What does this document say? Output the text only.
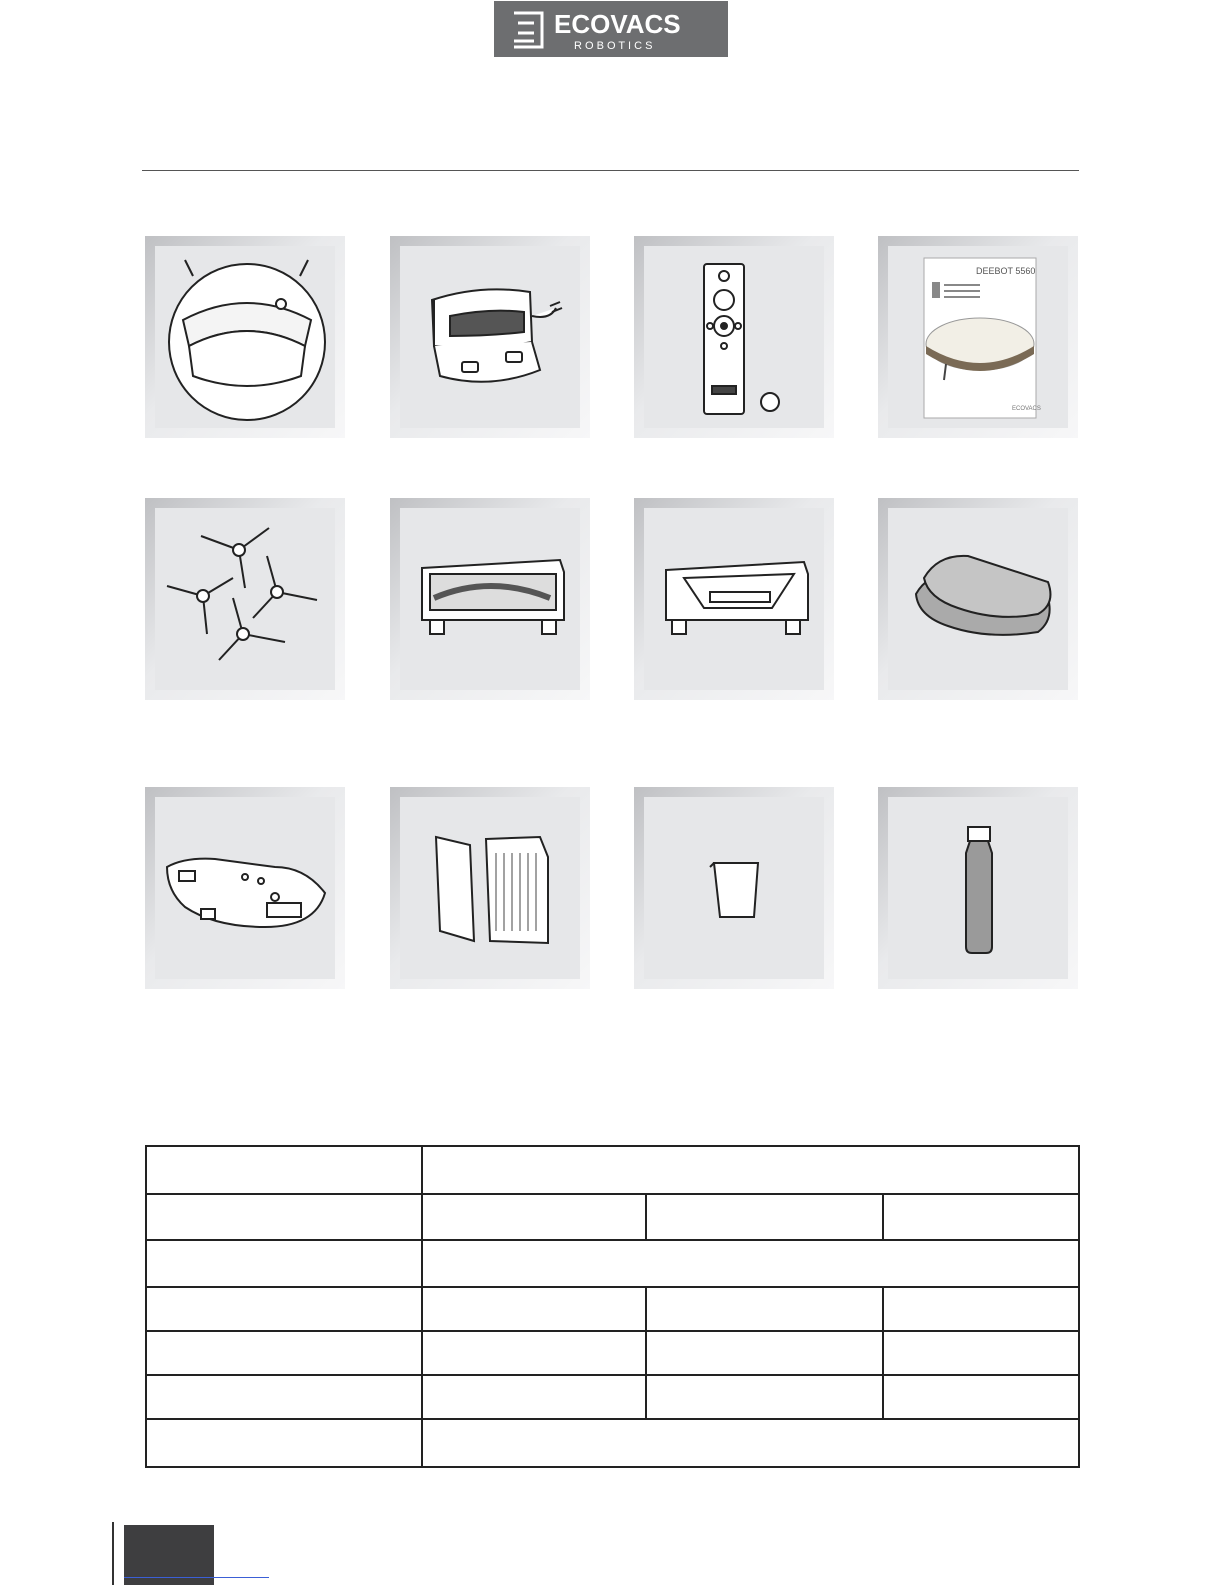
ECOVACS
R O B O T I C S
DEEBOT 5560
ECOVACS
